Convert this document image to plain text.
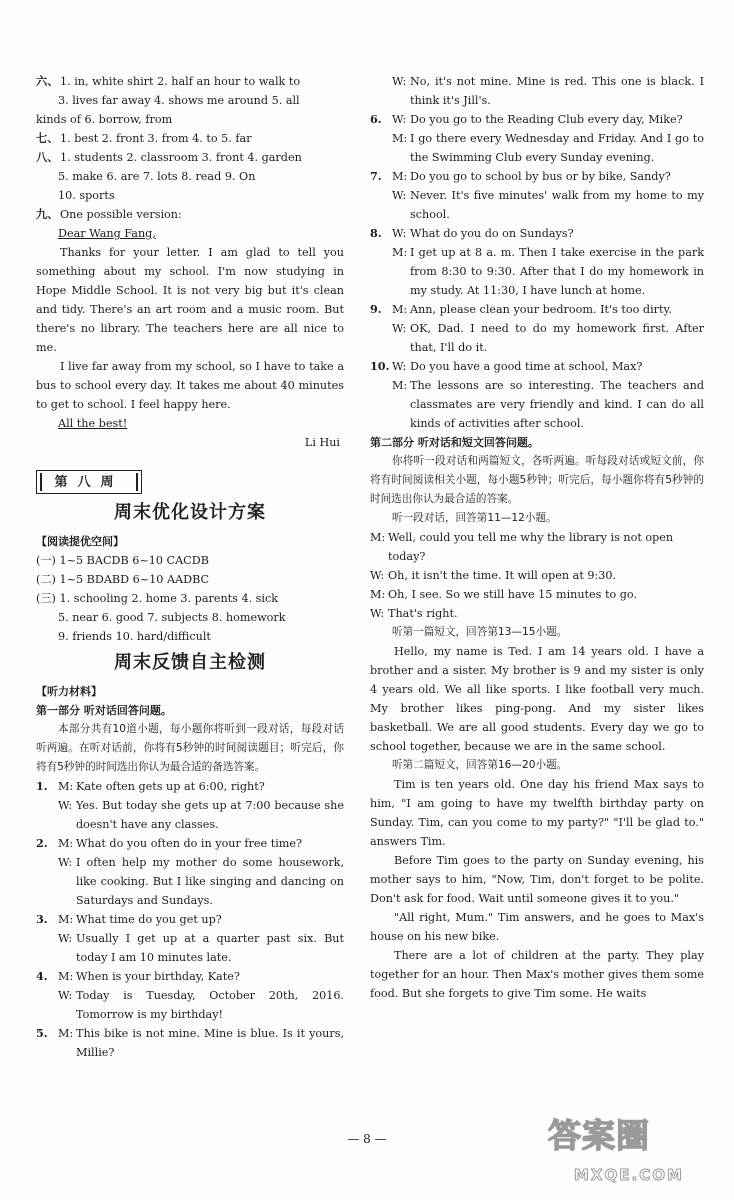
六、 1. in, white shirt 2. half an hour to walk to
3. lives far away 4. shows me around 5. all
kinds of 6. borrow, from
七、 1. best 2. front 3. from 4. to 5. far
八、 1. students 2. classroom 3. front 4. garden
5. make 6. are 7. lots 8. read 9. On
10. sports
九、 One possible version:
Dear Wang Fang,

Thanks for your letter. I am glad to tell you something about my school. I'm now studying in Hope Middle School. It is not very big but it's clean and tidy. There's an art room and a music room. But there's no library. The teachers here are all nice to me.

I live far away from my school, so I have to take a bus to school every day. It takes me about 40 minutes to get to school. I feel happy here.

All the best!
Li Hui
第八周
周末优化设计方案
【阅读提优空间】
(一) 1~5 BACDB 6~10 CACDB
(二) 1~5 BDABD 6~10 AADBC
(三) 1. schooling 2. home 3. parents 4. sick
5. near 6. good 7. subjects 8. homework
9. friends 10. hard/difficult
周末反馈自主检测
【听力材料】
第一部分 听对话回答问题。

本部分共有10道小题，每小题你将听到一段对话，每段对话听两遍。在听对话前，你将有5秒钟的时间阅读题目；听完后，你将有5秒钟的时间选出你认为最合适的备选答案。

1. M: Kate often gets up at 6:00, right?
W: Yes. But today she gets up at 7:00 because she doesn't have any classes.
2. M: What do you often do in your free time?
W: I often help my mother do some housework, like cooking. But I like singing and dancing on Saturdays and Sundays.
3. M: What time do you get up?
W: Usually I get up at a quarter past six. But today I am 10 minutes late.
4. M: When is your birthday, Kate?
W: Today is Tuesday, October 20th, 2016. Tomorrow is my birthday!
5. M: This bike is not mine. Mine is blue. Is it yours, Millie?
W: No, it's not mine. Mine is red. This one is black. I think it's Jill's.
6. W: Do you go to the Reading Club every day, Mike?
M: I go there every Wednesday and Friday. And I go to the Swimming Club every Sunday evening.
7. M: Do you go to school by bus or by bike, Sandy?
W: Never. It's five minutes' walk from my home to my school.
8. W: What do you do on Sundays?
M: I get up at 8 a. m. Then I take exercise in the park from 8:30 to 9:30. After that I do my homework in my study. At 11:30, I have lunch at home.
9. M: Ann, please clean your bedroom. It's too dirty.
W: OK, Dad. I need to do my homework first. After that, I'll do it.
10. W: Do you have a good time at school, Max?
M: The lessons are so interesting. The teachers and classmates are very friendly and kind. I can do all kinds of activities after school.
第二部分 听对话和短文回答问题。

你将听一段对话和两篇短文，各听两遍。听每段对话或短文前，你将有时间阅读相关小题，每小题5秒钟；听完后，每小题你将有5秒钟的时间选出你认为最合适的答案。

听一段对话，回答第11—12小题。
M: Well, could you tell me why the library is not open today?
W: Oh, it isn't the time. It will open at 9:30.
M: Oh, I see. So we still have 15 minutes to go.
W: That's right.
听第一篇短文，回答第13—15小题。

Hello, my name is Ted. I am 14 years old. I have a brother and a sister. My brother is 9 and my sister is only 4 years old. We all like sports. I like football very much. My brother likes ping-pong. And my sister likes basketball. We are all good students. Every day we go to school together, because we are in the same school.

听第二篇短文，回答第16—20小题。

Tim is ten years old. One day his friend Max says to him, "I am going to have my twelfth birthday party on Sunday. Tim, can you come to my party?" "I'll be glad to." answers Tim.

Before Tim goes to the party on Sunday evening, his mother says to him, "Now, Tim, don't forget to be polite. Don't ask for food. Wait until someone gives it to you."

"All right, Mum." Tim answers, and he goes to Max's house on his new bike.

There are a lot of children at the party. They play together for an hour. Then Max's mother gives them some food. But she forgets to give Tim some. He waits

— 8 —	答案圈
MXQE.COM
